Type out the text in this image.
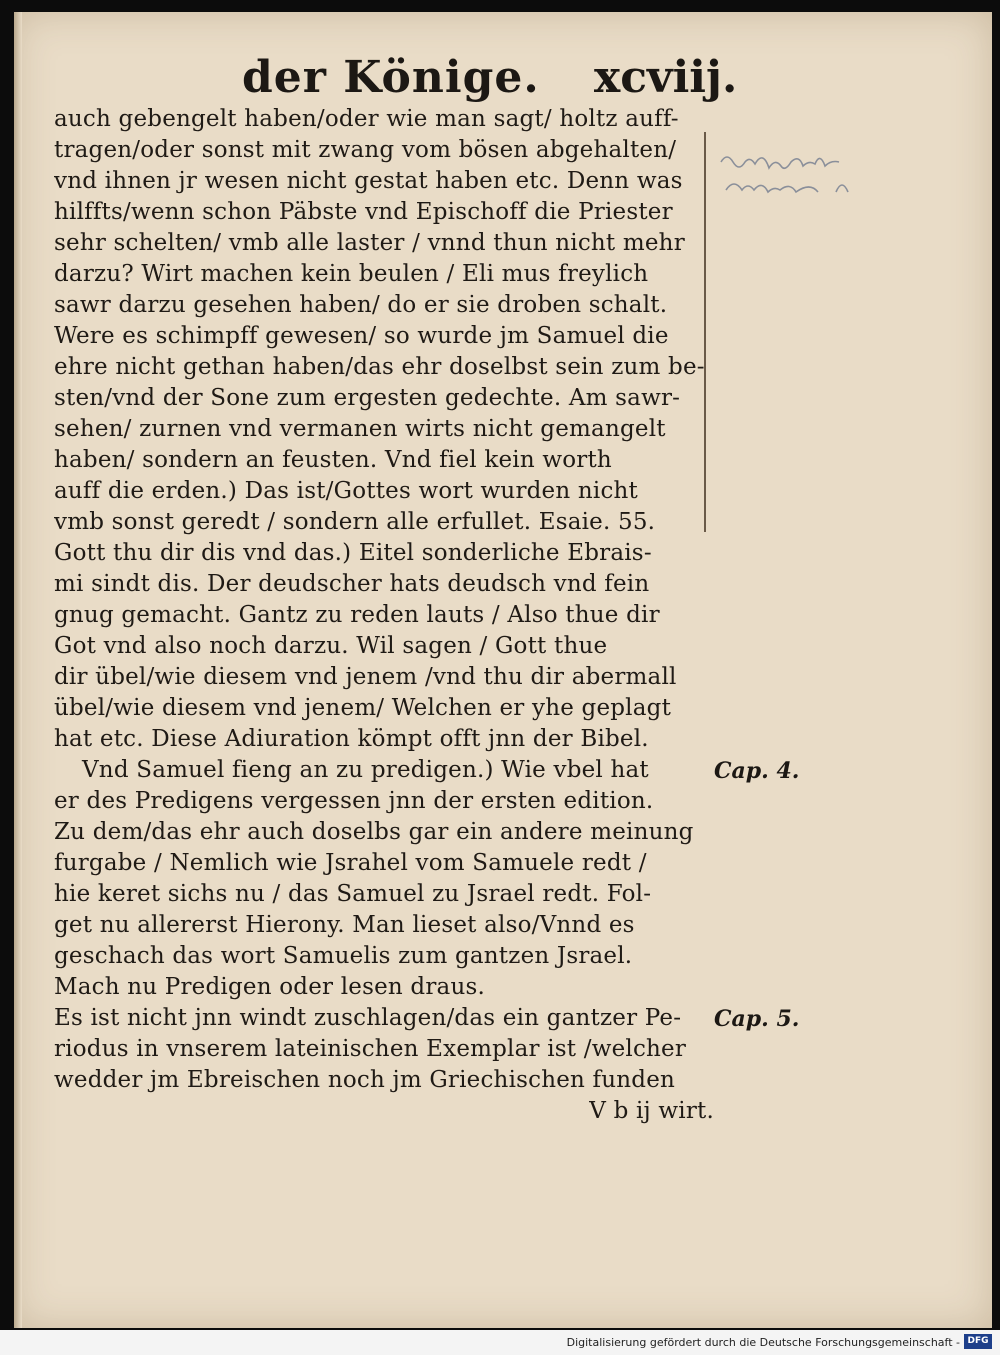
der Könige. xcviij.
auch gebengelt haben/oder wie man sagt/ holtz auff-
tragen/oder sonst mit zwang vom bösen abgehalten/
vnd ihnen jr wesen nicht gestat haben etc. Denn was
hilffts/wenn schon Päbste vnd Epischoff die Priester
sehr schelten/ vmb alle laster / vnnd thun nicht mehr
darzu? Wirt machen kein beulen / Eli mus freylich
sawr darzu gesehen haben/ do er sie droben schalt.
Were es schimpff gewesen/ so wurde jm Samuel die
ehre nicht gethan haben/das ehr doselbst sein zum be-
sten/vnd der Sone zum ergesten gedechte. Am sawr-
sehen/ zurnen vnd vermanen wirts nicht gemangelt
haben/ sondern an feusten. Vnd fiel kein worth
auff die erden.) Das ist/Gottes wort wurden nicht
vmb sonst geredt / sondern alle erfullet. Esaie. 55.
Gott thu dir dis vnd das.) Eitel sonderliche Ebrais-
mi sindt dis. Der deudscher hats deudsch vnd fein
gnug gemacht. Gantz zu reden lauts / Also thue dir
Got vnd also noch darzu. Wil sagen / Gott thue
dir übel/wie diesem vnd jenem /vnd thu dir abermall
übel/wie diesem vnd jenem/ Welchen er yhe geplagt
hat etc. Diese Adiuration kömpt offt jnn der Bibel.
Vnd Samuel fieng an zu predigen.) Wie vbel hat
er des Predigens vergessen jnn der ersten edition.
Zu dem/das ehr auch doselbs gar ein andere meinung
furgabe / Nemlich wie Jsrahel vom Samuele redt /
hie keret sichs nu / das Samuel zu Jsrael redt. Fol-
get nu allererst Hierony. Man lieset also/Vnnd es
geschach das wort Samuelis zum gantzen Jsrael.
Mach nu Predigen oder lesen draus.
Es ist nicht jnn windt zuschlagen/das ein gantzer Pe-
riodus in vnserem lateinischen Exemplar ist /welcher
wedder jm Ebreischen noch jm Griechischen funden
V b ij wirt.
Cap. 4.
Cap. 5.
Digitalisierung gefördert durch die Deutsche Forschungsgemeinschaft - DFG
